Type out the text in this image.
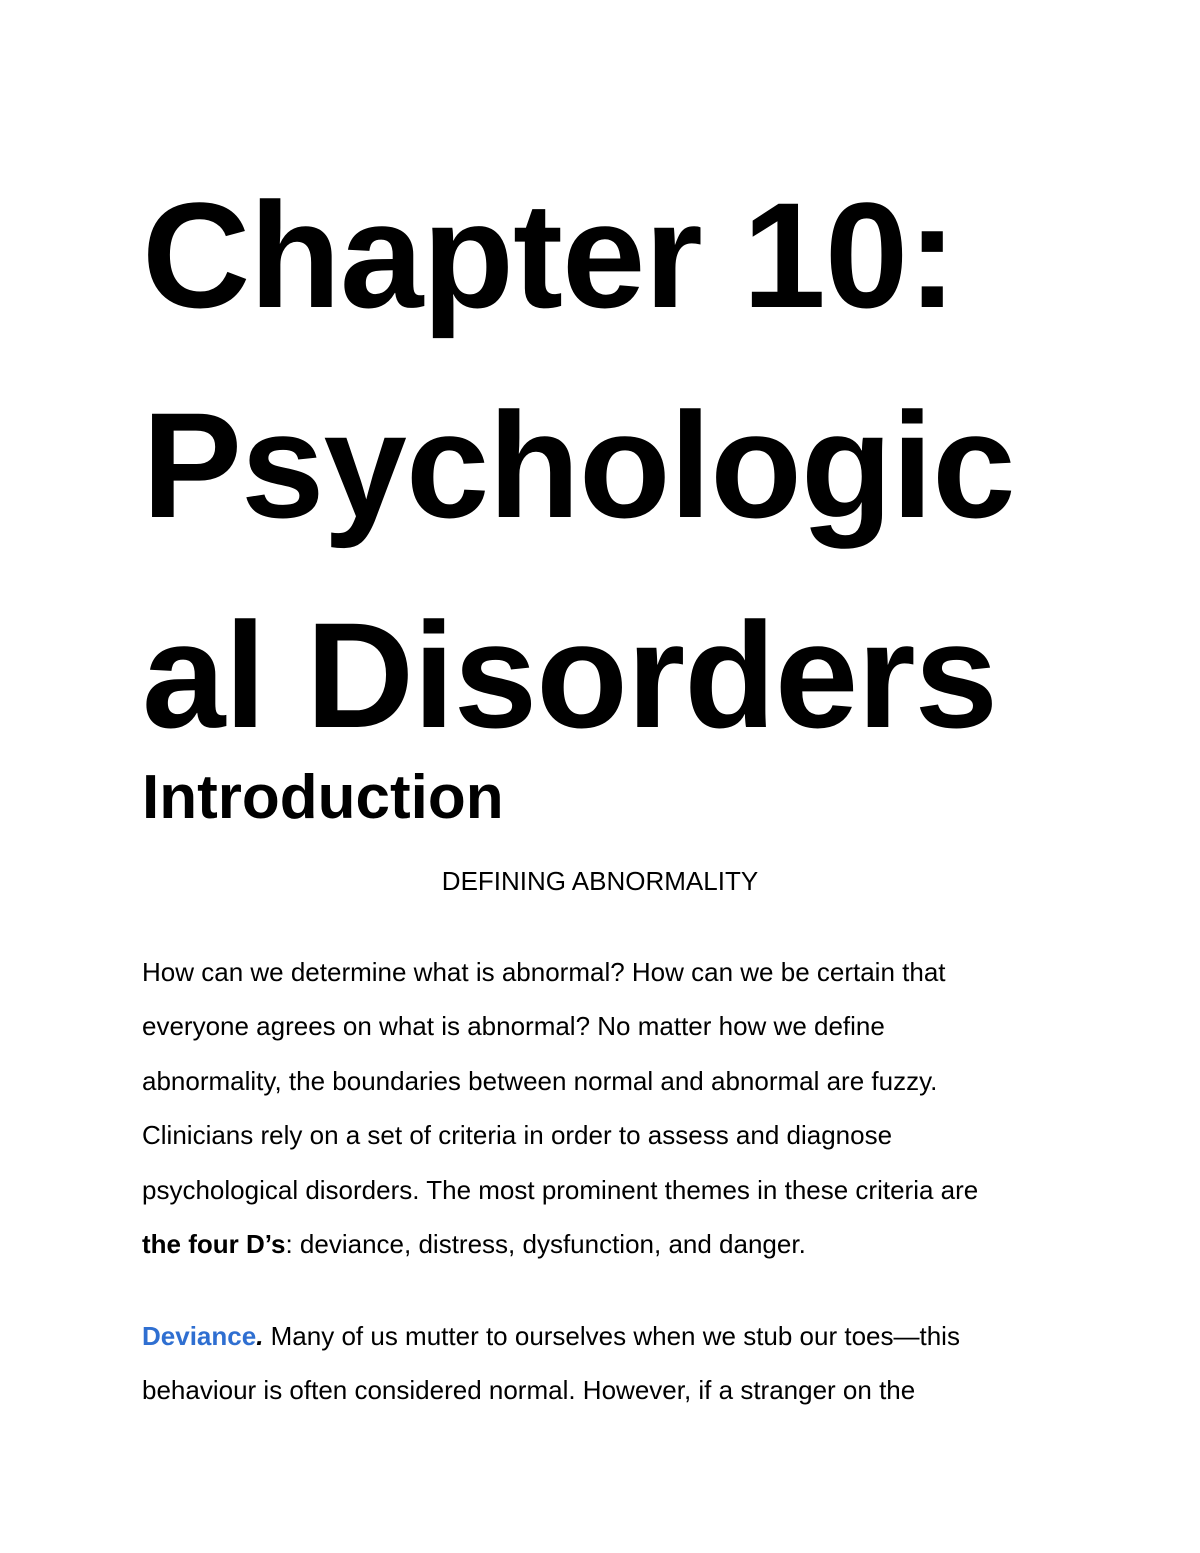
Chapter 10:
Psychologic
al Disorders
Introduction

DEFINING ABNORMALITY

How can we determine what is abnormal? How can we be certain that
everyone agrees on what is abnormal? No matter how we define
abnormality, the boundaries between normal and abnormal are fuzzy.
Clinicians rely on a set of criteria in order to assess and diagnose
psychological disorders. The most prominent themes in these criteria are
the four D’s: deviance, distress, dysfunction, and danger.

Deviance. Many of us mutter to ourselves when we stub our toes—this
behaviour is often considered normal. However, if a stranger on the
